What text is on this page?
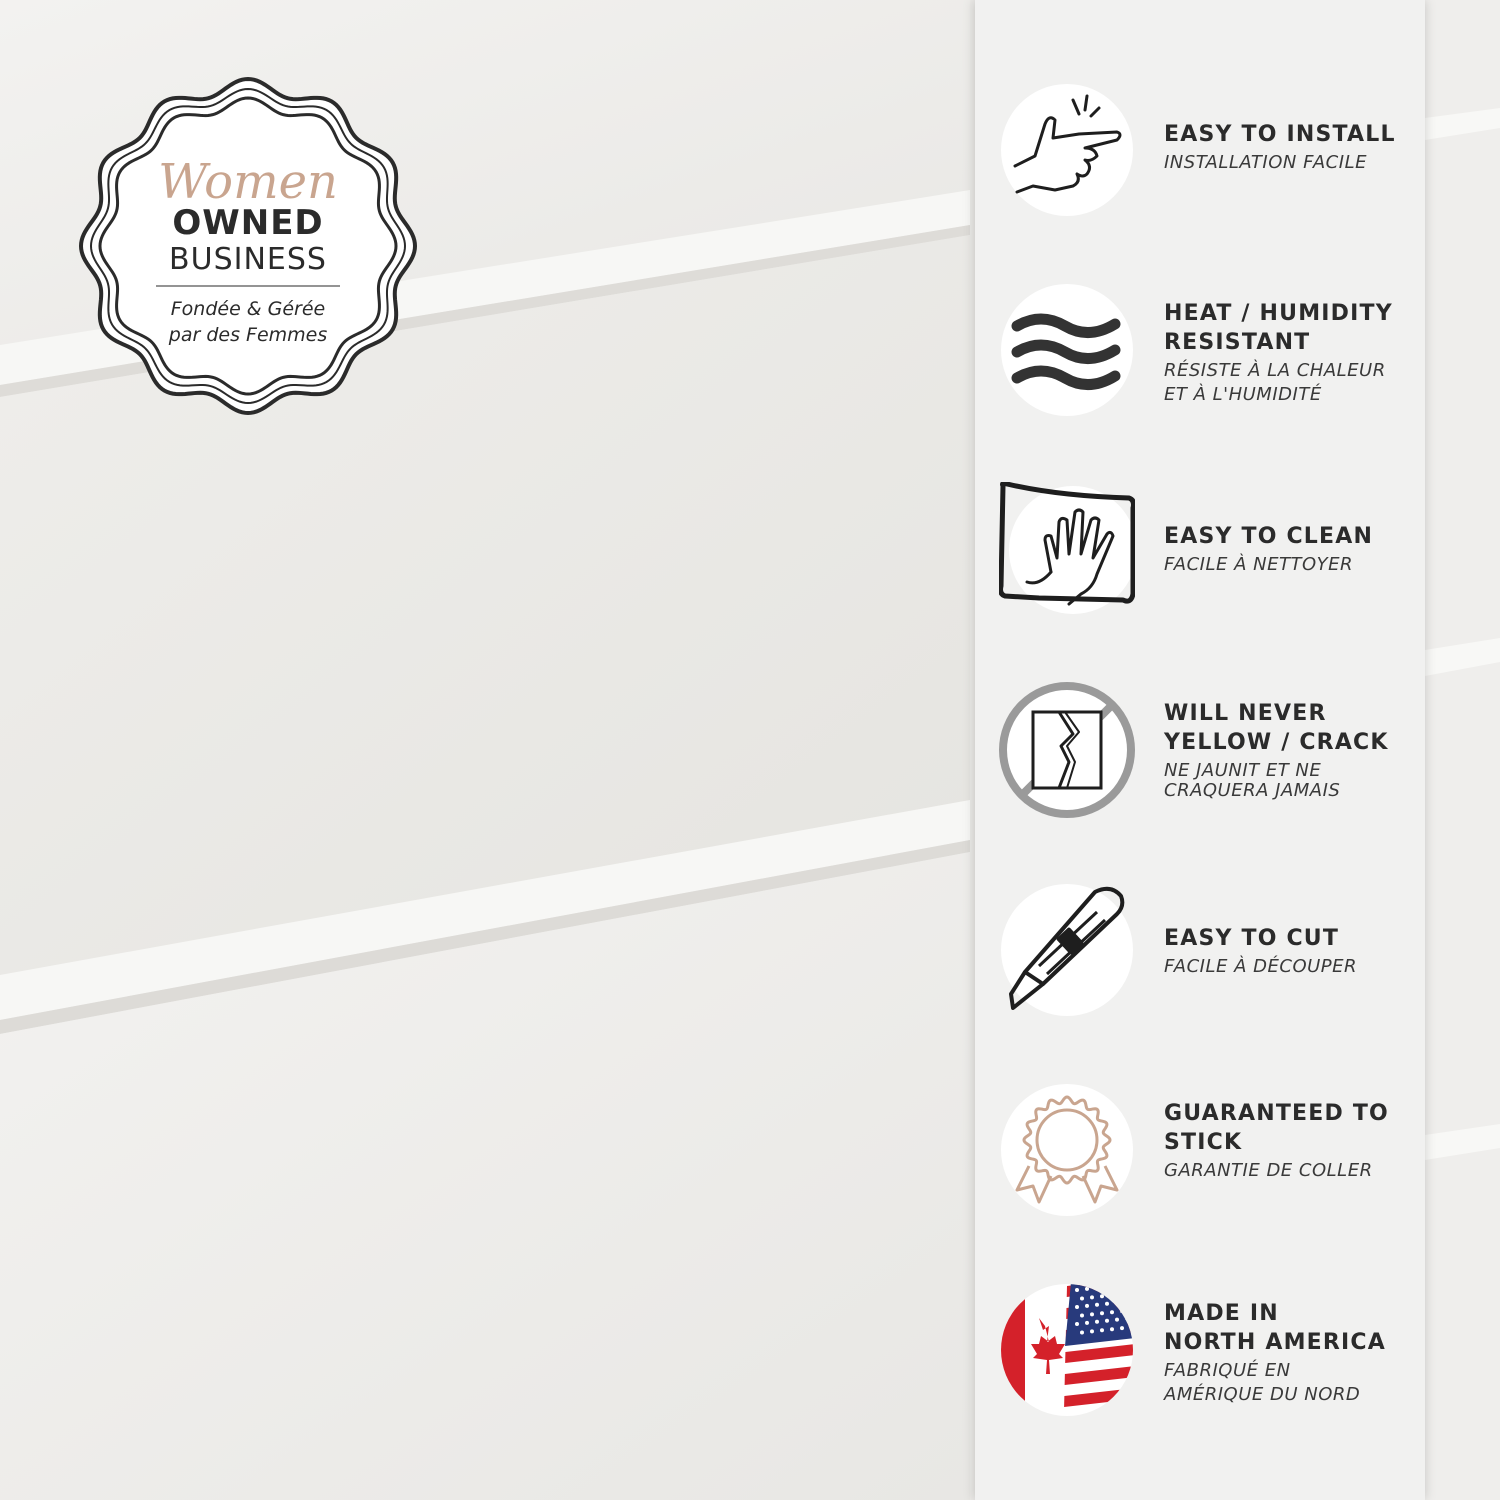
Women
OWNED
BUSINESS
Fondée & Gérée
par des Femmes

EASY TO INSTALL

INSTALLATION FACILE

HEAT / HUMIDITY

RESISTANT

RÉSISTE À LA CHALEUR

ET À L'HUMIDITÉ

EASY TO CLEAN

FACILE À NETTOYER

WILL NEVER

YELLOW / CRACK

NE JAUNIT ET NE

CRAQUERA JAMAIS

EASY TO CUT

FACILE À DÉCOUPER

GUARANTEED TO

STICK

GARANTIE DE COLLER

MADE IN

NORTH AMERICA

FABRIQUÉ EN

AMÉRIQUE DU NORD
